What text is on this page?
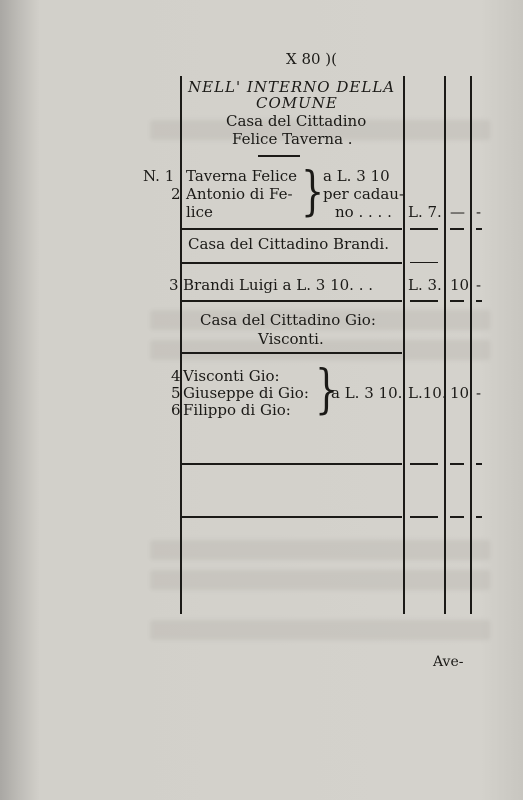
X 80 )(
NELL' INTERNO DELLA
COMUNE
Casa del Cittadino
Felice Taverna .
N. 1
2
Taverna Felice
Antonio di Fe-
lice }
a L. 3 10
per cadau-
no . . . . L. 7. — -
Casa del Cittadino Brandi.
3 Brandi Luigi a L. 3 10. . . L. 3. 10 -
Casa del Cittadino Gio:
Visconti.
4
5
6
Visconti Gio:
Giuseppe di Gio:
Filippo di Gio: }
a L. 3 10. L.10. 10 -
Ave-
